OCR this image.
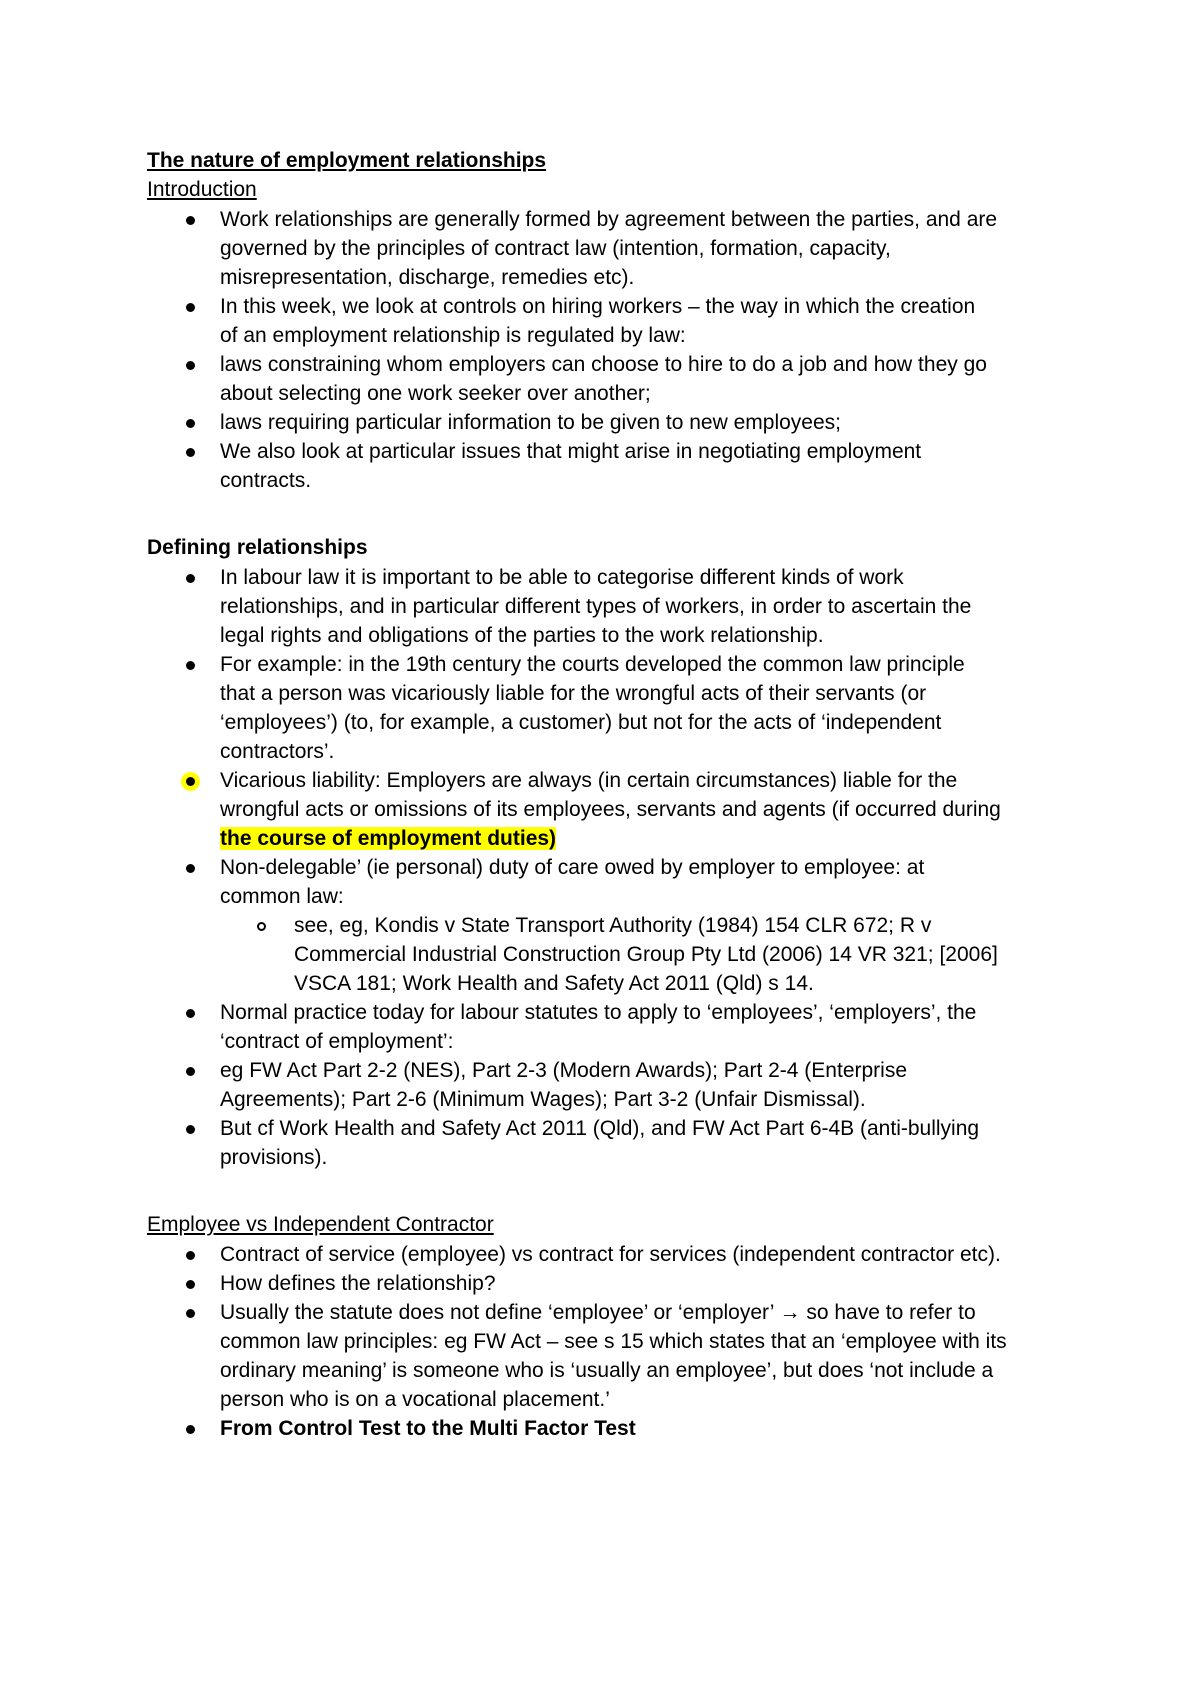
The nature of employment relationships
Introduction
Work relationships are generally formed by agreement between the parties, and are
governed by the principles of contract law (intention, formation, capacity,
misrepresentation, discharge, remedies etc).
In this week, we look at controls on hiring workers – the way in which the creation
of an employment relationship is regulated by law:
laws constraining whom employers can choose to hire to do a job and how they go
about selecting one work seeker over another;
laws requiring particular information to be given to new employees;
We also look at particular issues that might arise in negotiating employment
contracts.
Defining relationships
In labour law it is important to be able to categorise different kinds of work
relationships, and in particular different types of workers, in order to ascertain the
legal rights and obligations of the parties to the work relationship.
For example: in the 19th century the courts developed the common law principle
that a person was vicariously liable for the wrongful acts of their servants (or
‘employees’) (to, for example, a customer) but not for the acts of ‘independent
contractors’.
Vicarious liability: Employers are always (in certain circumstances) liable for the
wrongful acts or omissions of its employees, servants and agents (if occurred during
the course of employment duties)
Non-delegable’ (ie personal) duty of care owed by employer to employee: at
common law:
see, eg, Kondis v State Transport Authority (1984) 154 CLR 672; R v
Commercial Industrial Construction Group Pty Ltd (2006) 14 VR 321; [2006]
VSCA 181; Work Health and Safety Act 2011 (Qld) s 14.
Normal practice today for labour statutes to apply to ‘employees’, ‘employers’, the
‘contract of employment’:
eg FW Act Part 2-2 (NES), Part 2-3 (Modern Awards); Part 2-4 (Enterprise
Agreements); Part 2-6 (Minimum Wages); Part 3-2 (Unfair Dismissal).
But cf Work Health and Safety Act 2011 (Qld), and FW Act Part 6-4B (anti-bullying
provisions).
Employee vs Independent Contractor
Contract of service (employee) vs contract for services (independent contractor etc).
How defines the relationship?
Usually the statute does not define ‘employee’ or ‘employer’ → so have to refer to
common law principles: eg FW Act – see s 15 which states that an ‘employee with its
ordinary meaning’ is someone who is ‘usually an employee’, but does ‘not include a
person who is on a vocational placement.’
From Control Test to the Multi Factor Test
